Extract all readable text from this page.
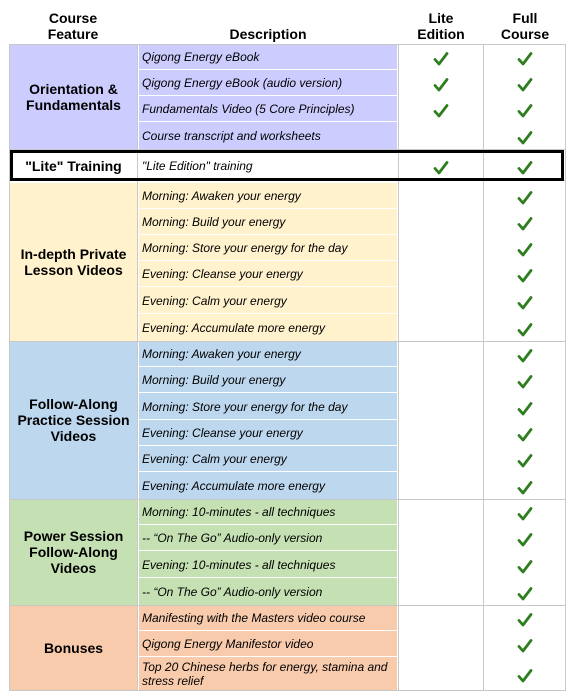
Course
Feature	Description
Lite
Edition
Full
Course
Orientation &
Fundamentals
"Lite" Training
In-depth Private
Lesson Videos
Follow-Along
Practice Session
Videos
Power Session
Follow-Along
Videos
Bonuses
Qigong Energy eBook
Qigong Energy eBook (audio version)
Fundamentals Video (5 Core Principles)
Course transcript and worksheets
"Lite Edition" training
Morning: Awaken your energy
Morning: Build your energy
Morning: Store your energy for the day
Evening: Cleanse your energy
Evening: Calm your energy
Evening: Accumulate more energy
Morning: Awaken your energy
Morning: Build your energy
Morning: Store your energy for the day
Evening: Cleanse your energy
Evening: Calm your energy
Evening: Accumulate more energy
Morning: 10-minutes - all techniques
-- “On The Go” Audio-only version
Evening: 10-minutes - all techniques
-- “On The Go” Audio-only version
Manifesting with the Masters video course
Qigong Energy Manifestor video
Top 20 Chinese herbs for energy, stamina and stress relief
